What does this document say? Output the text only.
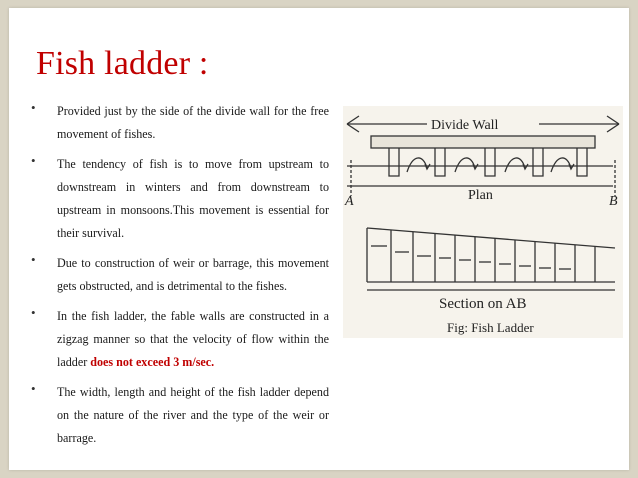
Fish ladder :
• Provided just by the side of the divide wall for the free movement of fishes.
• The tendency of fish is to move from upstream to downstream in winters and from downstream to upstream in monsoons.This movement is essential for their survival.
• Due to construction of weir or barrage, this movement gets obstructed, and is detrimental to the fishes.
• In the fish ladder, the fable walls are constructed in a zigzag manner so that the velocity of flow within the ladder does not exceed 3 m/sec.
• The width, length and height of the fish ladder depend on the nature of the river and the type of the weir or barrage.
Divide Wall
Plan
A	B
Section on AB
Fig: Fish Ladder
